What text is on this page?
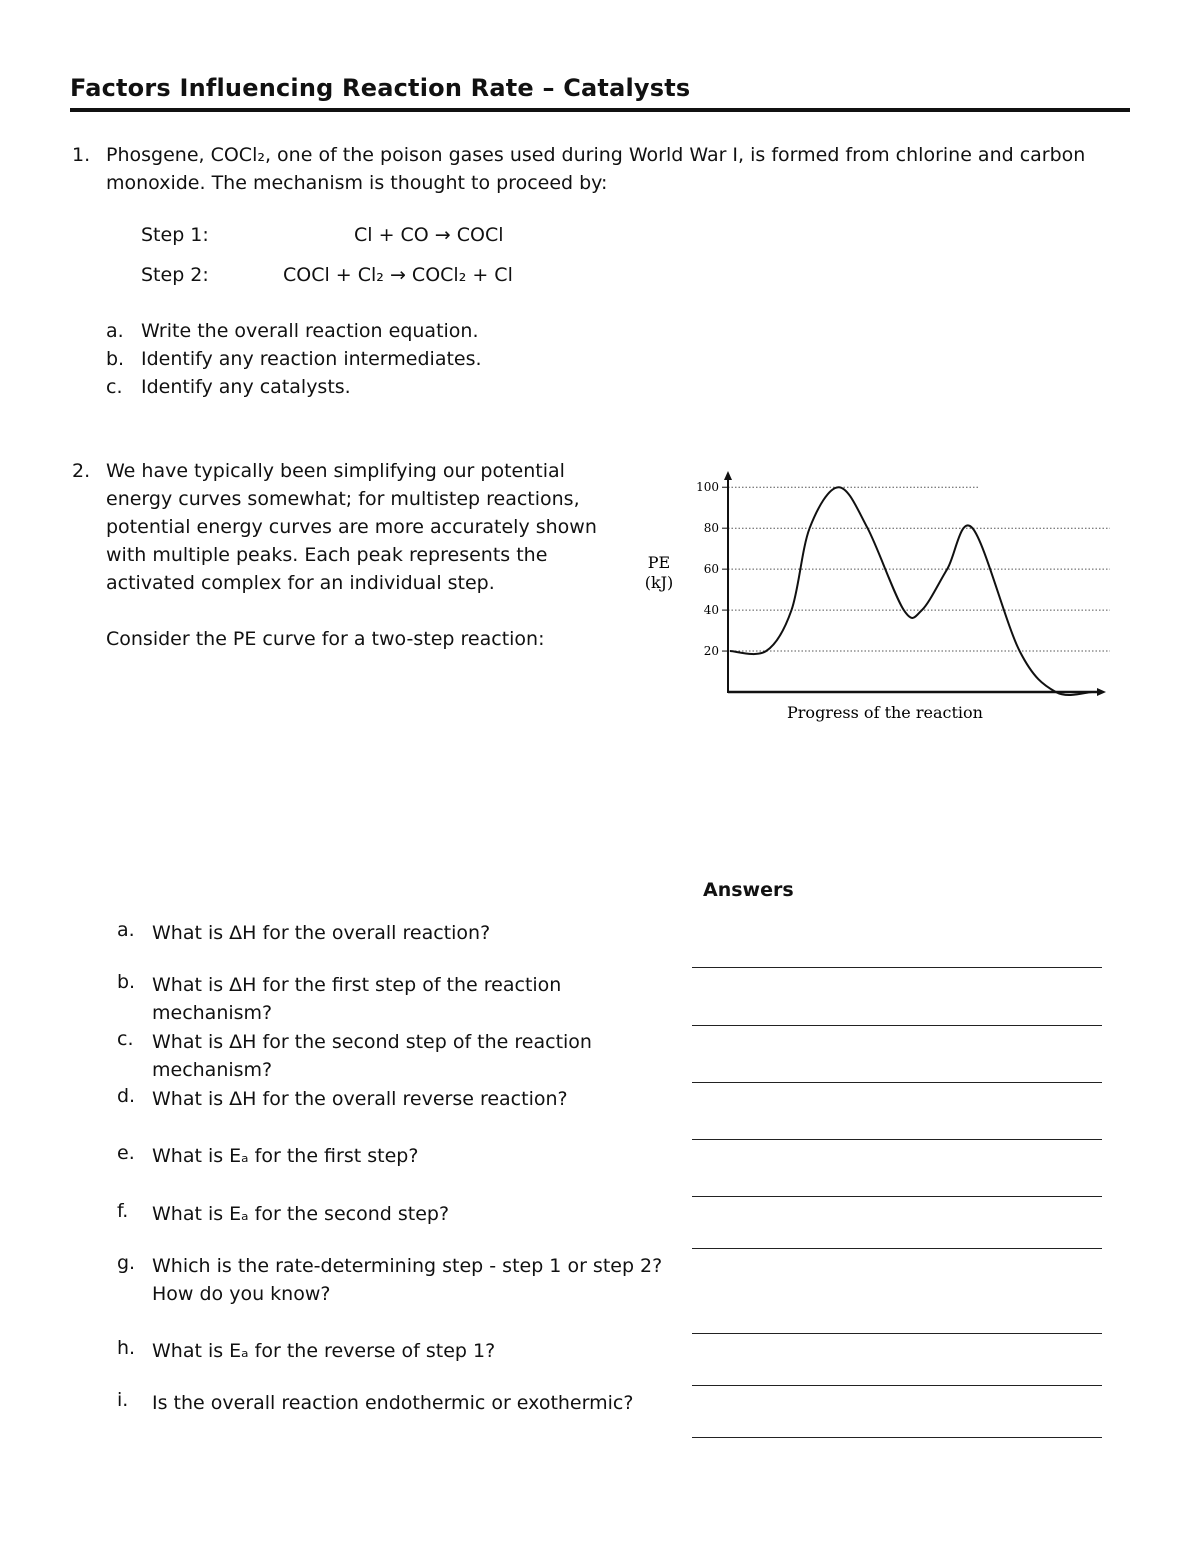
Factors Influencing Reaction Rate – Catalysts
1. Phosgene, COCl₂, one of the poison gases used during World War I, is formed from chlorine and carbon
monoxide. The mechanism is thought to proceed by:
Step 1:	Cl + CO → COCl
Step 2:	COCl + Cl₂ → COCl₂ + Cl
a. Write the overall reaction equation.
b. Identify any reaction intermediates.
c. Identify any catalysts.
2. We have typically been simplifying our potential
energy curves somewhat; for multistep reactions,
potential energy curves are more accurately shown
with multiple peaks. Each peak represents the
activated complex for an individual step.
Consider the PE curve for a two-step reaction:
100
80
60
40
20
PE
(kJ)
Progress of the reaction
Answers
a. What is ΔH for the overall reaction?
b. What is ΔH for the first step of the reaction
mechanism?
c. What is ΔH for the second step of the reaction
mechanism?
d. What is ΔH for the overall reverse reaction?
e. What is Eₐ for the first step?
f. What is Eₐ for the second step?
g. Which is the rate-determining step - step 1 or step 2?
How do you know?
h. What is Eₐ for the reverse of step 1?
i. Is the overall reaction endothermic or exothermic?
